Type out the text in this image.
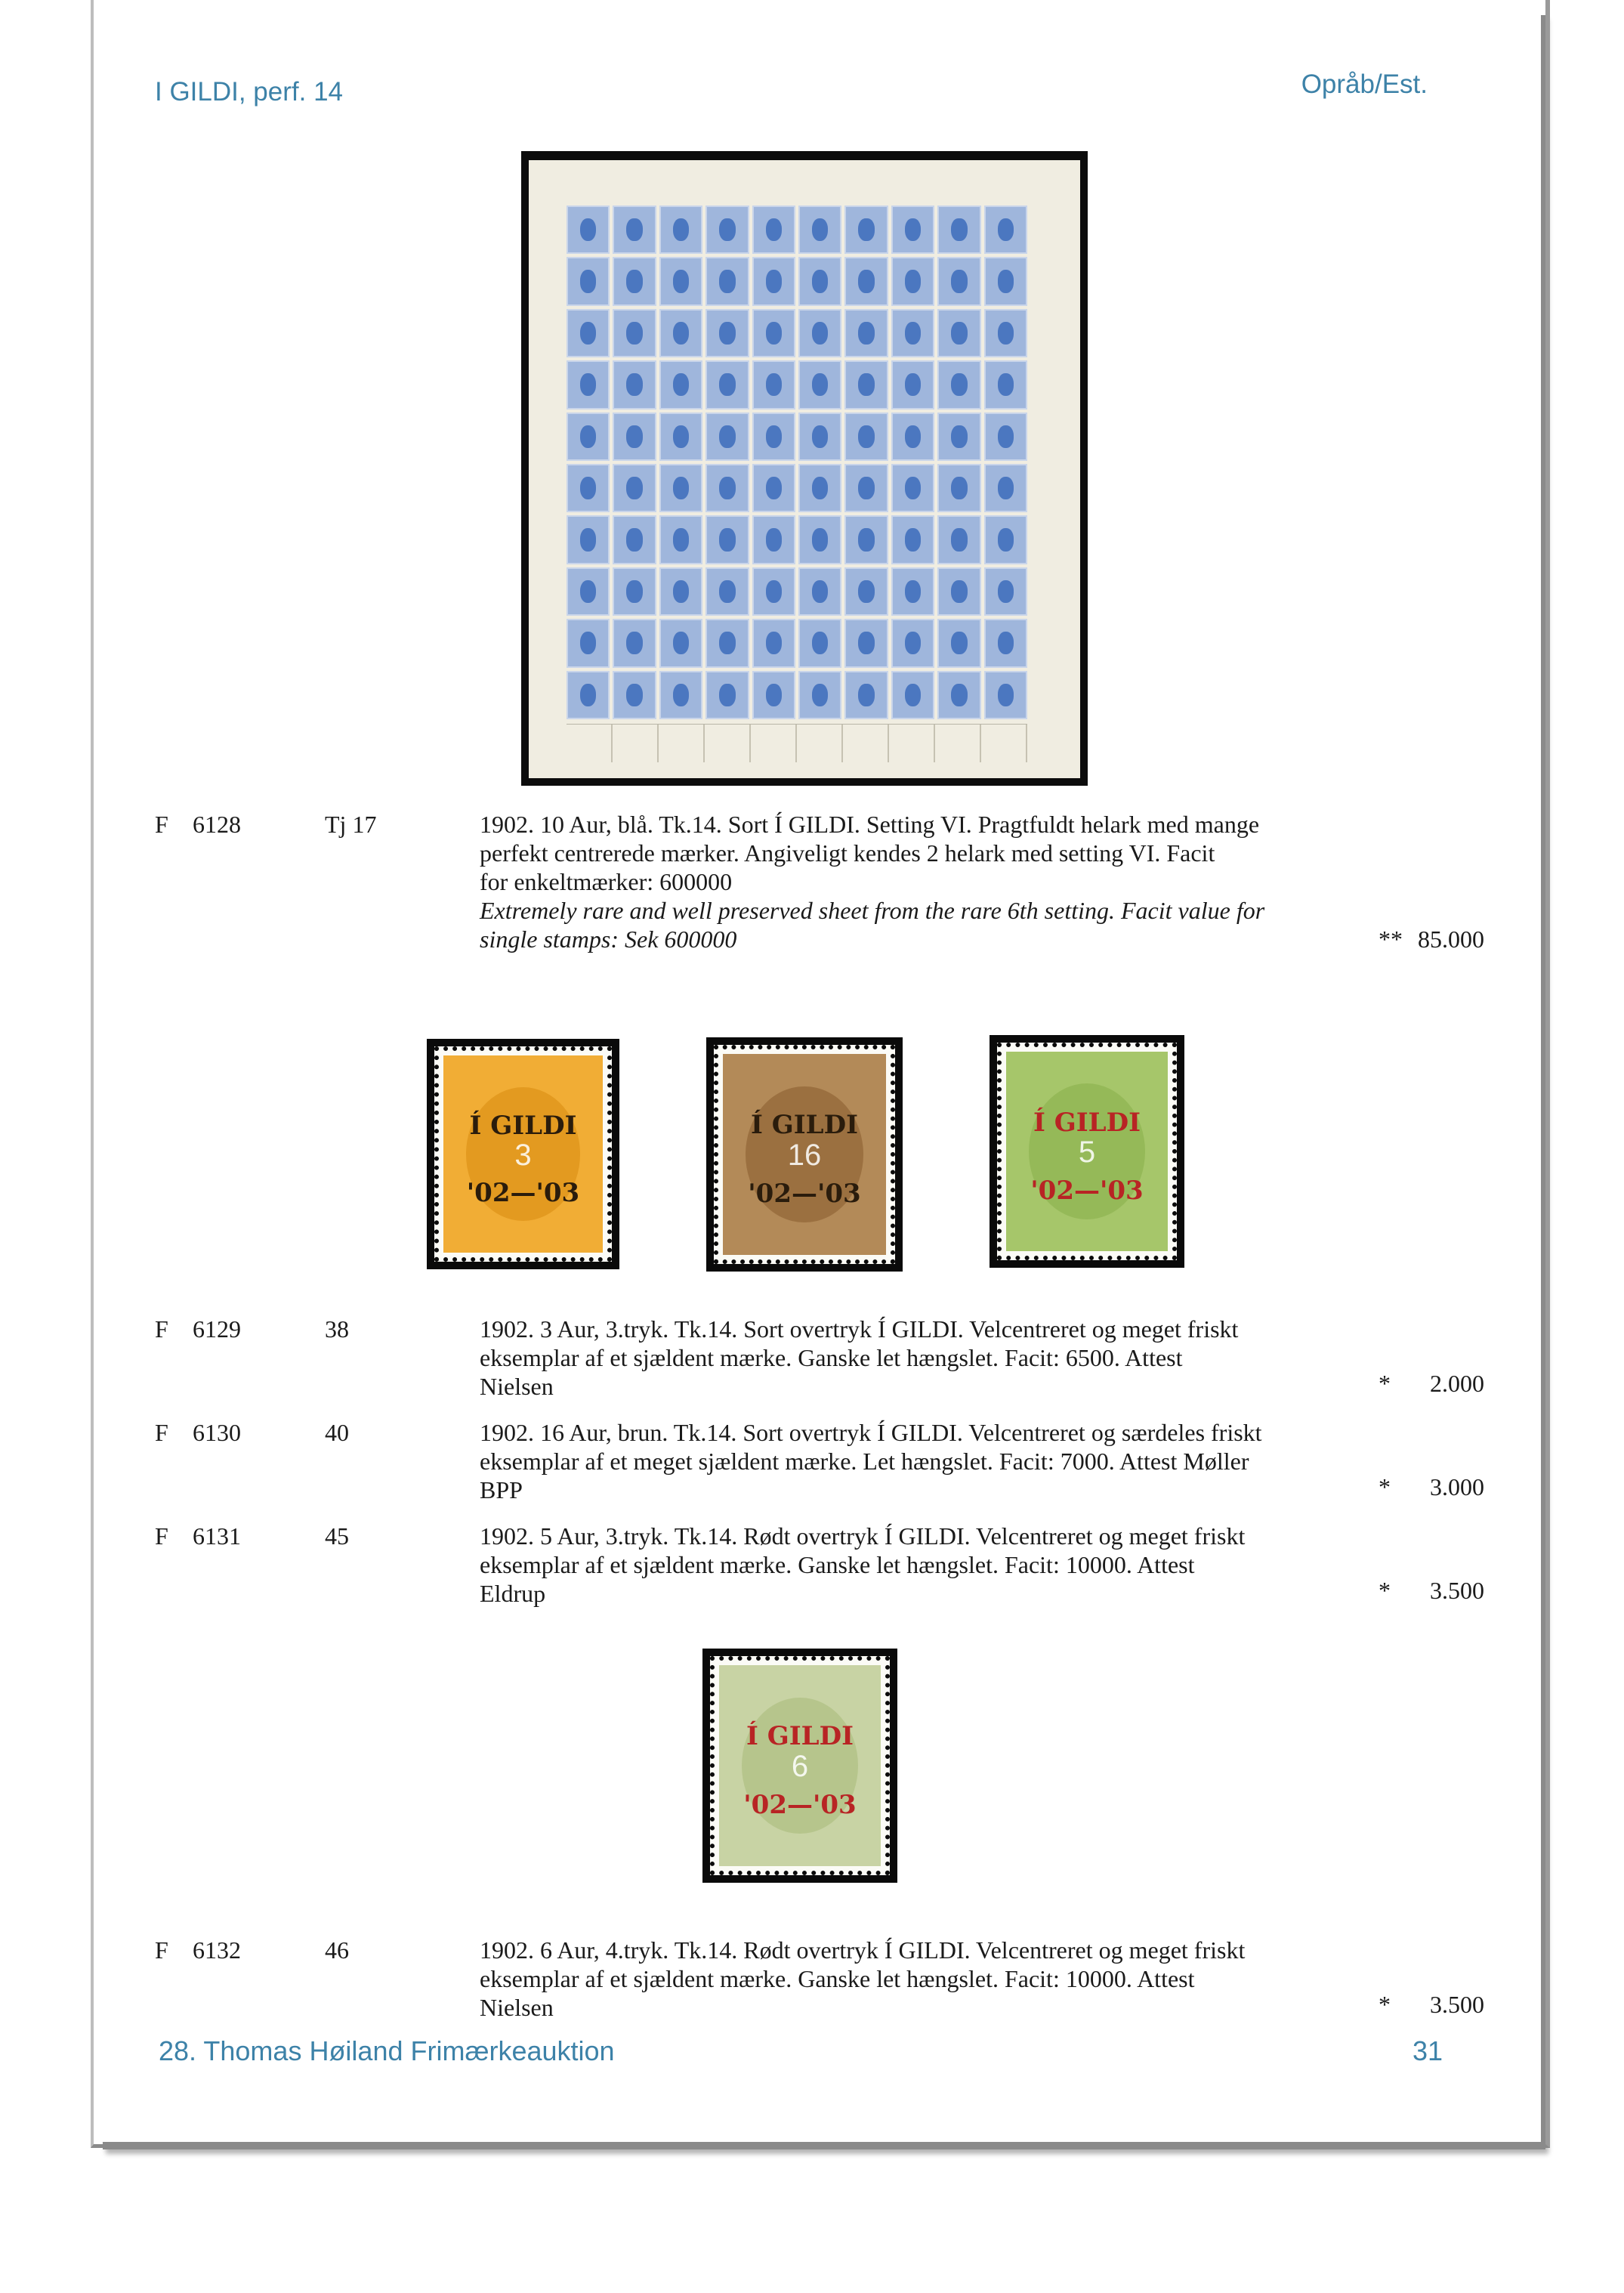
I GILDI, perf. 14	Opråb/Est.
F 6128	Tj 17	1902. 10 Aur, blå. Tk.14. Sort Í GILDI. Setting VI. Pragtfuldt helark med mange
perfekt centrerede mærker. Angiveligt kendes 2 helark med setting VI. Facit
for enkeltmærker: 600000
Extremely rare and well preserved sheet from the rare 6th setting. Facit value for
single stamps: Sek 600000	** 85.000
3
Í GILDI
'02—'03
16
Í GILDI
'02—'03
5
Í GILDI
'02—'03
F 6129	38	1902. 3 Aur, 3.tryk. Tk.14. Sort overtryk Í GILDI. Velcentreret og meget friskt
eksemplar af et sjældent mærke. Ganske let hængslet. Facit: 6500. Attest
Nielsen	*	2.000
F 6130	40	1902. 16 Aur, brun. Tk.14. Sort overtryk Í GILDI. Velcentreret og særdeles friskt
eksemplar af et meget sjældent mærke. Let hængslet. Facit: 7000. Attest Møller
BPP	*	3.000
F 6131	45	1902. 5 Aur, 3.tryk. Tk.14. Rødt overtryk Í GILDI. Velcentreret og meget friskt
eksemplar af et sjældent mærke. Ganske let hængslet. Facit: 10000. Attest
Eldrup	*	3.500
6
Í GILDI
'02—'03
F 6132	46	1902. 6 Aur, 4.tryk. Tk.14. Rødt overtryk Í GILDI. Velcentreret og meget friskt
eksemplar af et sjældent mærke. Ganske let hængslet. Facit: 10000. Attest
Nielsen	*	3.500
28. Thomas Høiland Frimærkeauktion	31
